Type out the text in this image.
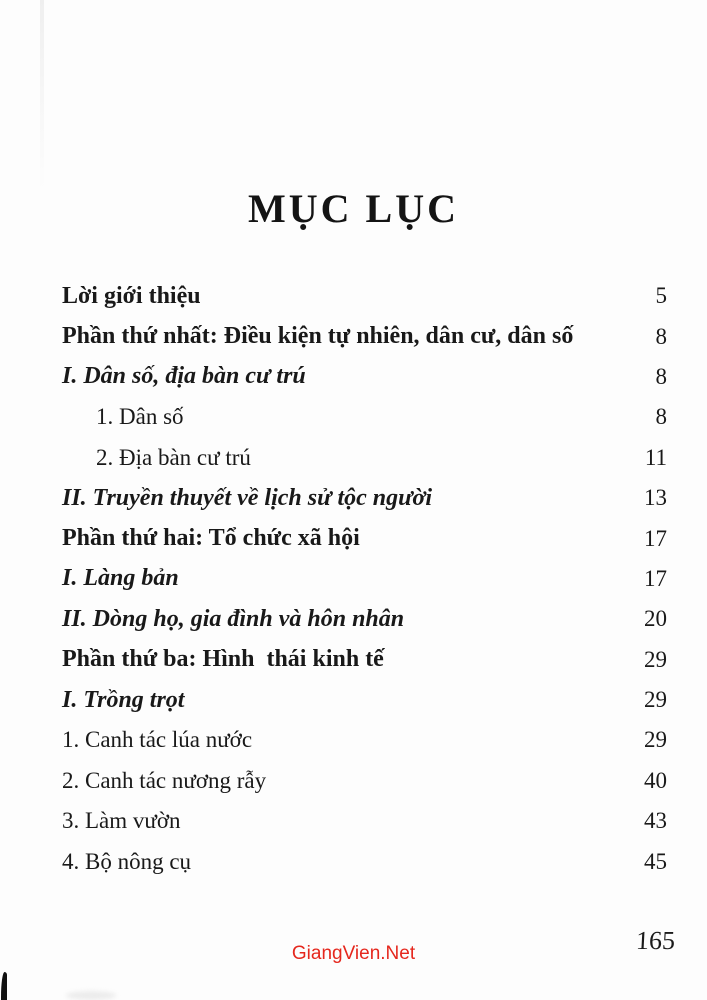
MỤC LỤC
Lời giới thiệu	5
Phần thứ nhất: Điều kiện tự nhiên, dân cư, dân số	8
I. Dân số, địa bàn cư trú	8
1. Dân số	8
2. Địa bàn cư trú	11
II. Truyền thuyết về lịch sử tộc người	13
Phần thứ hai: Tổ chức xã hội	17
I. Làng bản	17
II. Dòng họ, gia đình và hôn nhân	20
Phần thứ ba: Hình  thái kinh tế	29
I. Trồng trọt	29
1. Canh tác lúa nước	29
2. Canh tác nương rẫy	40
3. Làm vườn	43
4. Bộ nông cụ	45
165
GiangVien.Net
